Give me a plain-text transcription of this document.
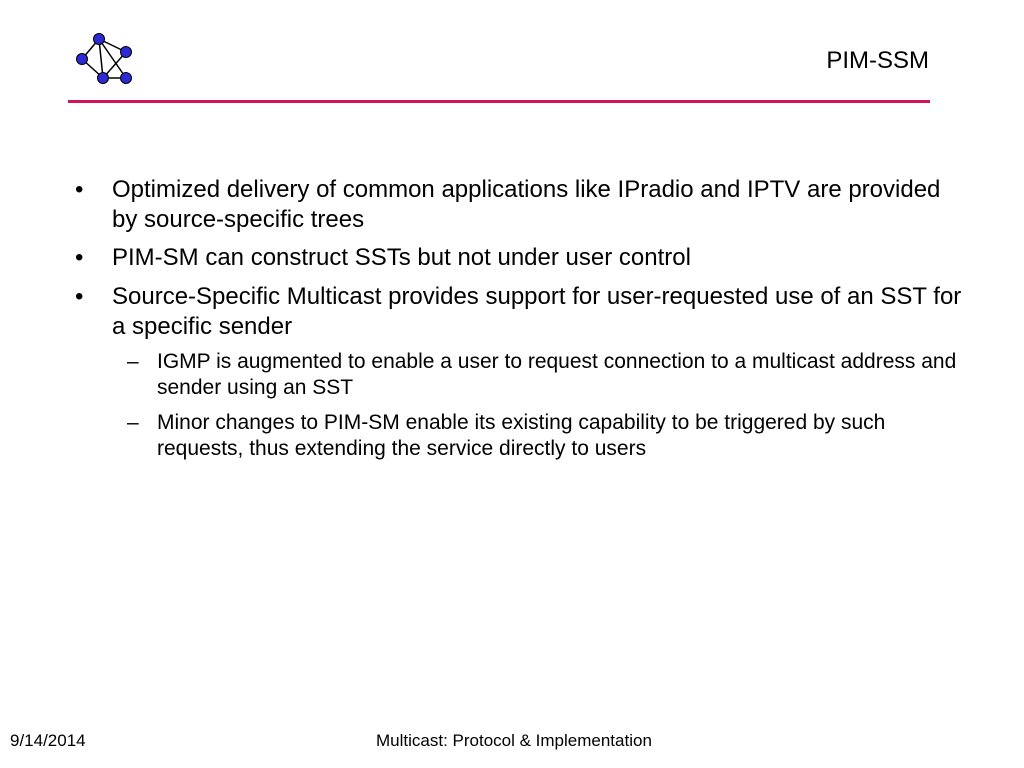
PIM-SSM

•	Optimized delivery of common applications like IPradio and IPTV are provided by source-specific trees

•	PIM-SM can construct SSTs but not under user control

•	Source-Specific Multicast provides support for user-requested use of an SST for a specific sender

– IGMP is augmented to enable a user to request connection to a multicast address and sender using an SST

– Minor changes to PIM-SM enable its existing capability to be triggered by such requests, thus extending the service directly to users

9/14/2014	Multicast: Protocol & Implementation
